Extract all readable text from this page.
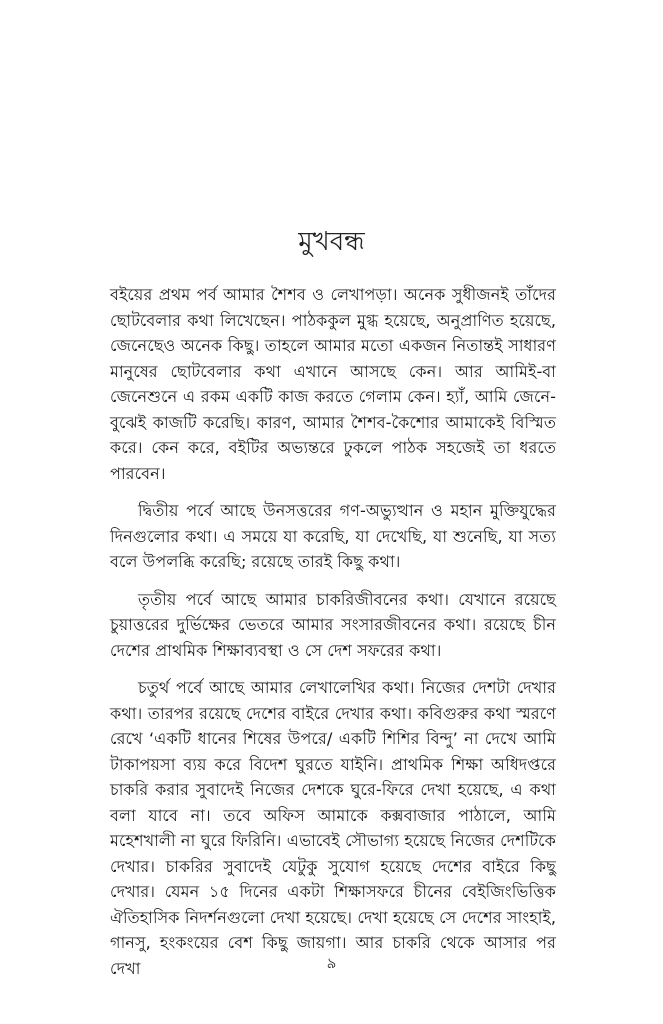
মুখবন্ধ

বইয়ের প্রথম পর্ব আমার শৈশব ও লেখাপড়া। অনেক সুধীজনই তাঁদের ছোটবেলার কথা লিখেছেন। পাঠককুল মুগ্ধ হয়েছে, অনুপ্রাণিত হয়েছে, জেনেছেও অনেক কিছু। তাহলে আমার মতো একজন নিতান্তই সাধারণ মানুষের ছোটবেলার কথা এখানে আসছে কেন। আর আমিই-বা জেনেশুনে এ রকম একটি কাজ করতে গেলাম কেন। হ্যাঁ, আমি জেনে-বুঝেই কাজটি করেছি। কারণ, আমার শৈশব-কৈশোর আমাকেই বিস্মিত করে। কেন করে, বইটির অভ্যন্তরে ঢুকলে পাঠক সহজেই তা ধরতে পারবেন।

দ্বিতীয় পর্বে আছে উনসত্তরের গণ-অভ্যুত্থান ও মহান মুক্তিযুদ্ধের দিনগুলোর কথা। এ সময়ে যা করেছি, যা দেখেছি, যা শুনেছি, যা সত্য বলে উপলব্ধি করেছি; রয়েছে তারই কিছু কথা।

তৃতীয় পর্বে আছে আমার চাকরিজীবনের কথা। যেখানে রয়েছে চুয়াত্তরের দুর্ভিক্ষের ভেতরে আমার সংসারজীবনের কথা। রয়েছে চীন দেশের প্রাথমিক শিক্ষাব্যবস্থা ও সে দেশ সফরের কথা।

চতুর্থ পর্বে আছে আমার লেখালেখির কথা। নিজের দেশটা দেখার কথা। তারপর রয়েছে দেশের বাইরে দেখার কথা। কবিগুরুর কথা স্মরণে রেখে ‘একটি ধানের শিষের উপরে/ একটি শিশির বিন্দু’ না দেখে আমি টাকাপয়সা ব্যয় করে বিদেশ ঘুরতে যাইনি। প্রাথমিক শিক্ষা অধিদপ্তরে চাকরি করার সুবাদেই নিজের দেশকে ঘুরে-ফিরে দেখা হয়েছে, এ কথা বলা যাবে না। তবে অফিস আমাকে কক্সবাজার পাঠালে, আমি মহেশখালী না ঘুরে ফিরিনি। এভাবেই সৌভাগ্য হয়েছে নিজের দেশটিকে দেখার। চাকরির সুবাদেই যেটুকু সুযোগ হয়েছে দেশের বাইরে কিছু দেখার। যেমন ১৫ দিনের একটা শিক্ষাসফরে চীনের বেইজিংভিত্তিক ঐতিহাসিক নিদর্শনগুলো দেখা হয়েছে। দেখা হয়েছে সে দেশের সাংহাই, গানসু, হংকংয়ের বেশ কিছু জায়গা। আর চাকরি থেকে আসার পর দেখা	৯
